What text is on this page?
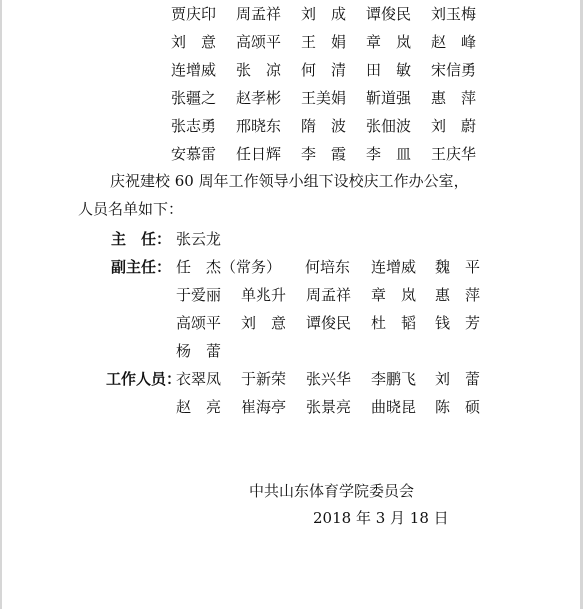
贾庆印 周孟祥 刘　成 谭俊民 刘玉梅
刘　意 高颂平 王　娟 章　岚 赵　峰
连增威 张　凉 何　清 田　敏 宋信勇
张疆之 赵孝彬 王美娟 靳道强 惠　萍
张志勇 邢晓东 隋　波 张佃波 刘　蔚
安慕雷 任日辉 李　霞 李　皿 王庆华
庆祝建校 60 周年工作领导小组下设校庆工作办公室，
人员名单如下：
主　任： 张云龙
副主任： 任　杰（常务） 何培东 连增威 魏　平
于爱丽 单兆升 周孟祥 章　岚 惠　萍
高颂平 刘　意 谭俊民 杜　韬 钱　芳
杨　蕾
工作人员：
衣翠凤 于新荣 张兴华 李鹏飞 刘　蕾
赵　亮 崔海亭 张景亮 曲晓昆 陈　硕
中共山东体育学院委员会
2018 年 3 月 18 日
